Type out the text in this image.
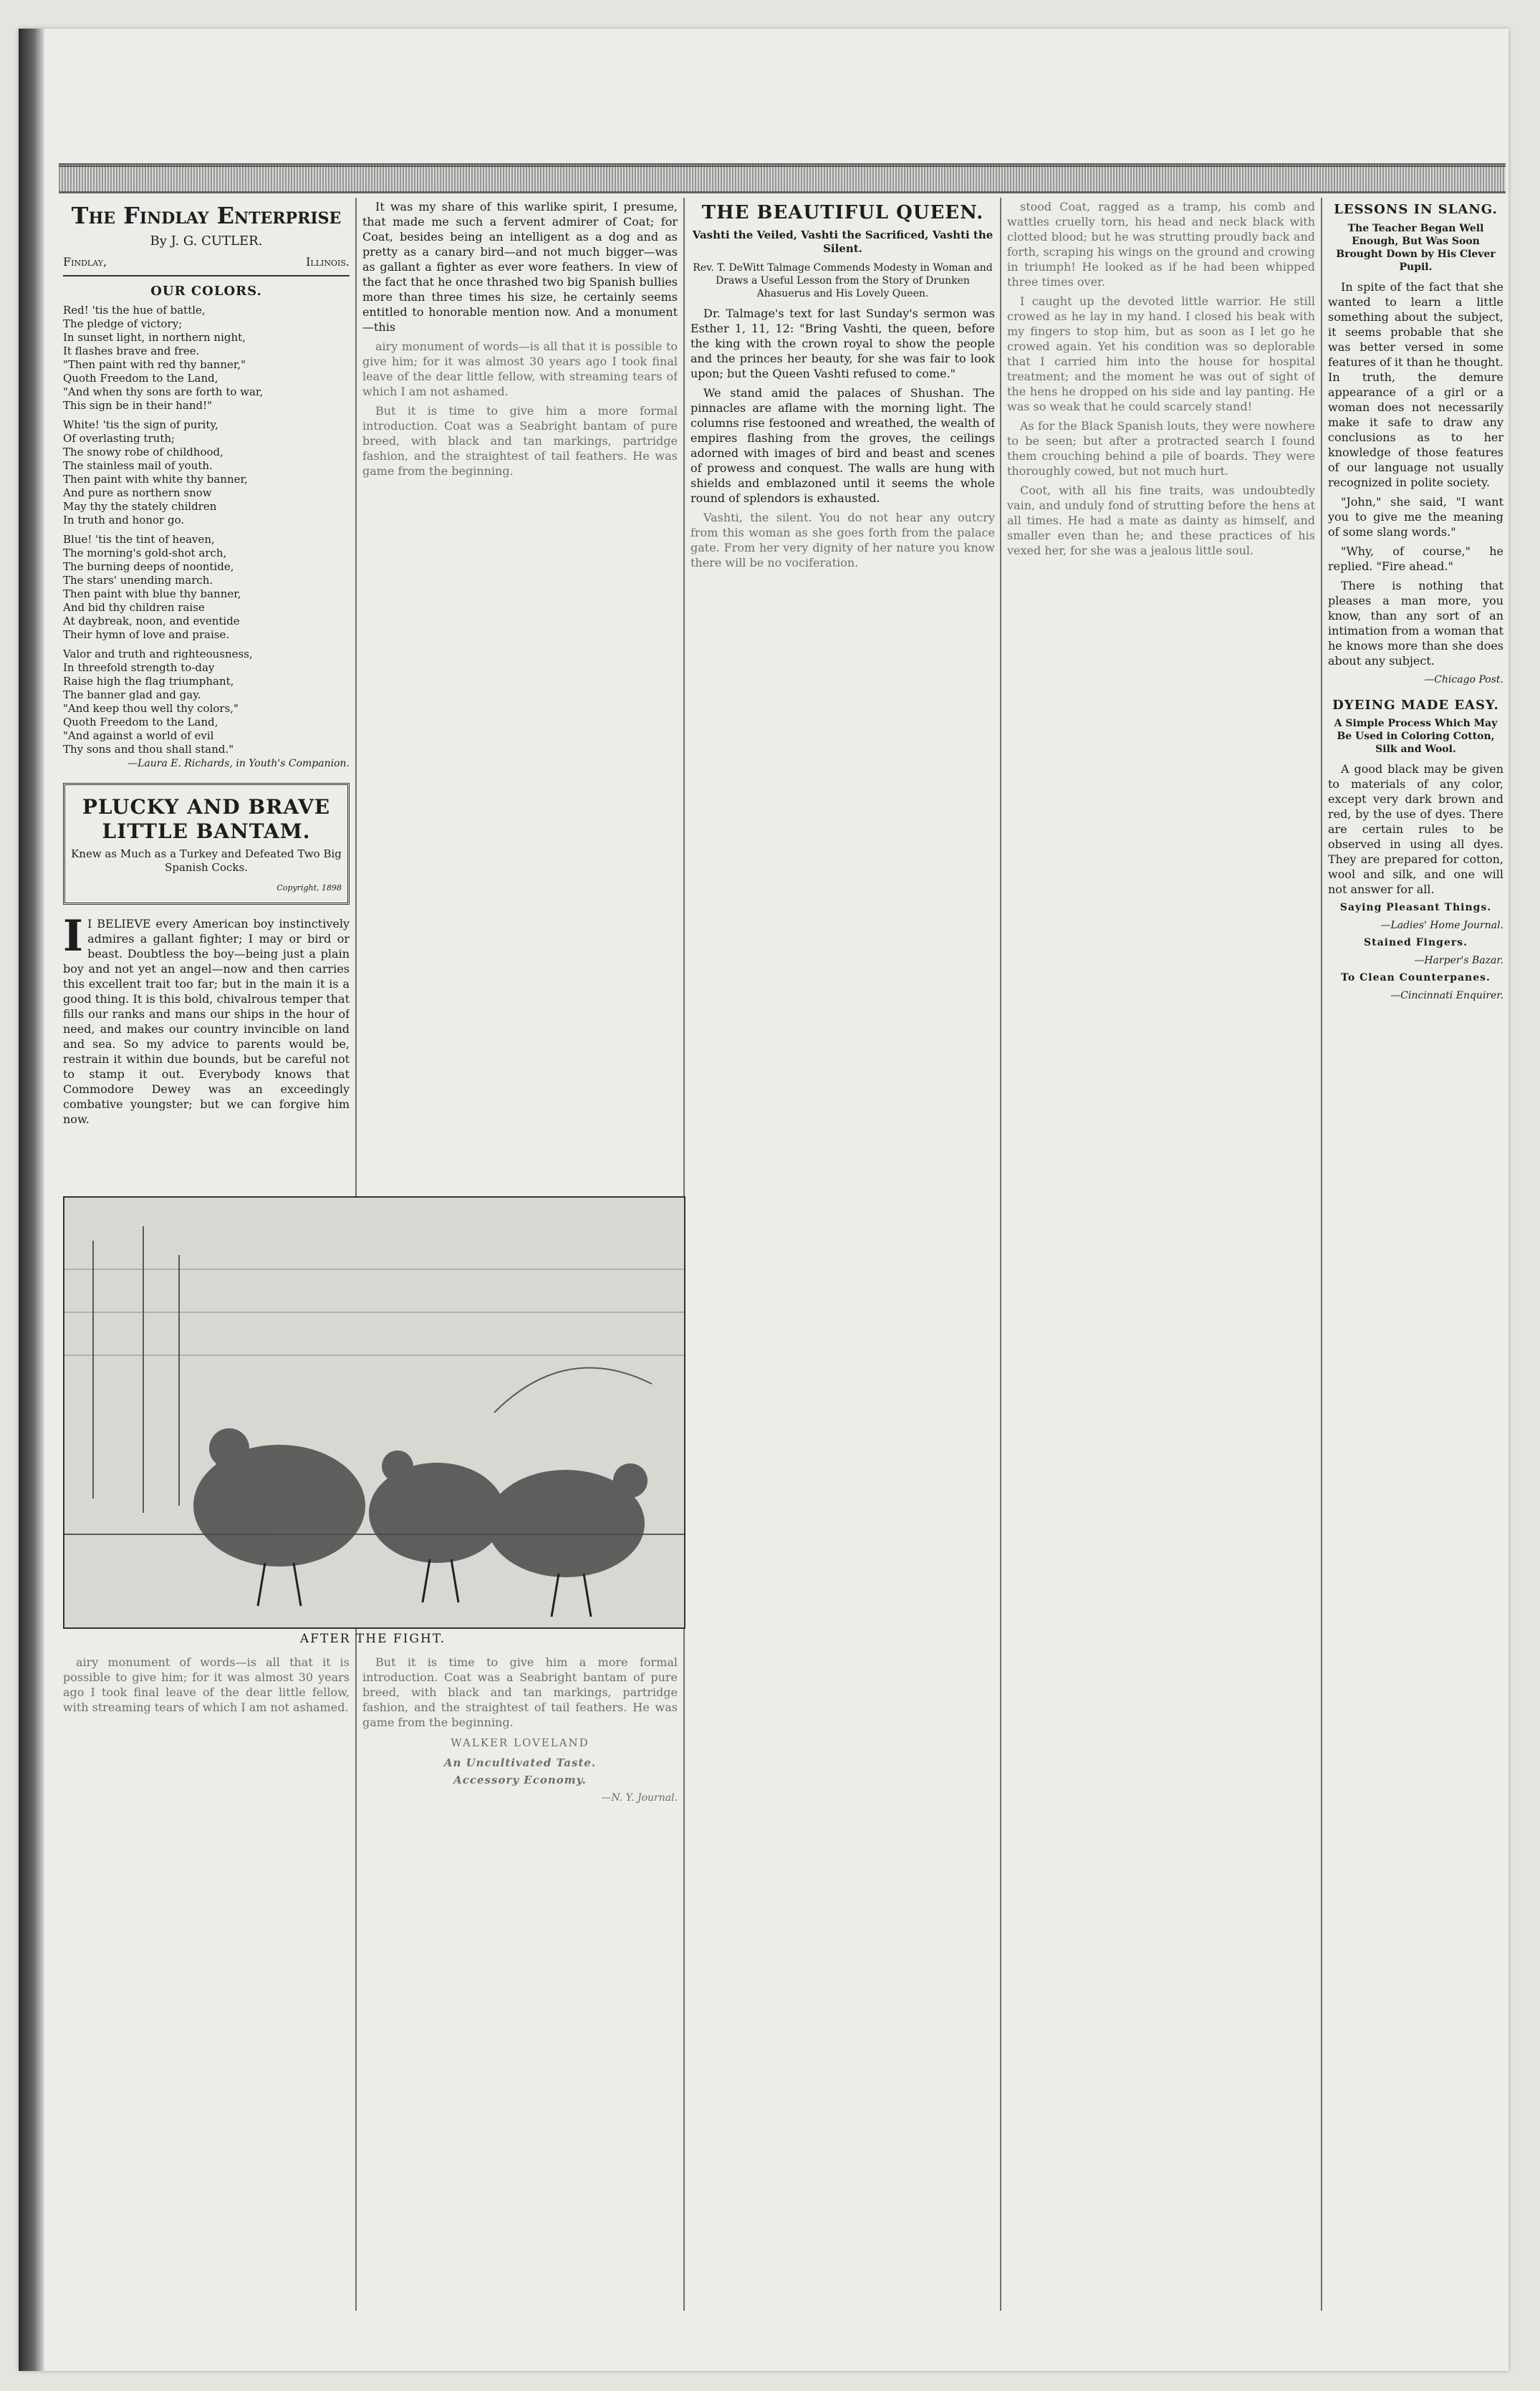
The Findlay Enterprise
By J. G. CUTLER.
Findlay,	Illinois.
OUR COLORS.

Red! 'tis the hue of battle,

The pledge of victory;

In sunset light, in northern night,

It flashes brave and free.

"Then paint with red thy banner,"

Quoth Freedom to the Land,

"And when thy sons are forth to war,

This sign be in their hand!"

White! 'tis the sign of purity,

Of overlasting truth;

The snowy robe of childhood,

The stainless mail of youth.

Then paint with white thy banner,

And pure as northern snow

May thy the stately children

In truth and honor go.

Blue! 'tis the tint of heaven,

The morning's gold-shot arch,

The burning deeps of noontide,

The stars' unending march.

Then paint with blue thy banner,

And bid thy children raise

At daybreak, noon, and eventide

Their hymn of love and praise.

Valor and truth and righteousness,

In threefold strength to-day

Raise high the flag triumphant,

The banner glad and gay.

"And keep thou well thy colors,"

Quoth Freedom to the Land,

"And against a world of evil

Thy sons and thou shall stand."

—Laura E. Richards, in Youth's Companion.
PLUCKY AND BRAVE LITTLE BANTAM.
Knew as Much as a Turkey and Defeated Two Big Spanish Cocks.
Copyright, 1898

I I BELIEVE every American boy instinctively admires a gallant fighter; I may or bird or beast. Doubtless the boy—being just a plain boy and not yet an angel—now and then carries this excellent trait too far; but in the main it is a good thing. It is this bold, chivalrous temper that fills our ranks and mans our ships in the hour of need, and makes our country invincible on land and sea. So my advice to parents would be, restrain it within due bounds, but be careful not to stamp it out. Everybody knows that Commodore Dewey was an exceedingly combative youngster; but we can forgive him now.

It was my share of this warlike spirit, I presume, that made me such a fervent admirer of Coat; for Coat, besides being an intelligent as a dog and as pretty as a canary bird—and not much bigger—was as gallant a fighter as ever wore feathers. In view of the fact that he once thrashed two big Spanish bullies more than three times his size, he certainly seems entitled to honorable mention now. And a monument—this

airy monument of words—is all that it is possible to give him; for it was almost 30 years ago I took final leave of the dear little fellow, with streaming tears of which I am not ashamed.

But it is time to give him a more formal introduction. Coat was a Seabright bantam of pure breed, with black and tan markings, partridge fashion, and the straightest of tail feathers. He was game from the beginning.

AFTER THE FIGHT.

airy monument of words—is all that it is possible to give him; for it was almost 30 years ago I took final leave of the dear little fellow, with streaming tears of which I am not ashamed.

But it is time to give him a more formal introduction. Coat was a Seabright bantam of pure breed, with black and tan markings, partridge fashion, and the straightest of tail feathers. He was game from the beginning.

WALKER LOVELAND
An Uncultivated Taste.
Accessory Economy.
—N. Y. Journal.
THE BEAUTIFUL QUEEN.
Vashti the Veiled, Vashti the Sacrificed, Vashti the Silent.
Rev. T. DeWitt Talmage Commends Modesty in Woman and Draws a Useful Lesson from the Story of Drunken Ahasuerus and His Lovely Queen.

Dr. Talmage's text for last Sunday's sermon was Esther 1, 11, 12: "Bring Vashti, the queen, before the king with the crown royal to show the people and the princes her beauty, for she was fair to look upon; but the Queen Vashti refused to come."

We stand amid the palaces of Shushan. The pinnacles are aflame with the morning light. The columns rise festooned and wreathed, the wealth of empires flashing from the groves, the ceilings adorned with images of bird and beast and scenes of prowess and conquest. The walls are hung with shields and emblazoned until it seems the whole round of splendors is exhausted.

Vashti, the silent. You do not hear any outcry from this woman as she goes forth from the palace gate. From her very dignity of her nature you know there will be no vociferation.

stood Coat, ragged as a tramp, his comb and wattles cruelly torn, his head and neck black with clotted blood; but he was strutting proudly back and forth, scraping his wings on the ground and crowing in triumph! He looked as if he had been whipped three times over.

I caught up the devoted little warrior. He still crowed as he lay in my hand. I closed his beak with my fingers to stop him, but as soon as I let go he crowed again. Yet his condition was so deplorable that I carried him into the house for hospital treatment; and the moment he was out of sight of the hens he dropped on his side and lay panting. He was so weak that he could scarcely stand!

As for the Black Spanish louts, they were nowhere to be seen; but after a protracted search I found them crouching behind a pile of boards. They were thoroughly cowed, but not much hurt.

Coot, with all his fine traits, was undoubtedly vain, and unduly fond of strutting before the hens at all times. He had a mate as dainty as himself, and smaller even than he; and these practices of his vexed her, for she was a jealous little soul.

LESSONS IN SLANG.
The Teacher Began Well Enough, But Was Soon Brought Down by His Clever Pupil.

In spite of the fact that she wanted to learn a little something about the subject, it seems probable that she was better versed in some features of it than he thought. In truth, the demure appearance of a girl or a woman does not necessarily make it safe to draw any conclusions as to her knowledge of those features of our language not usually recognized in polite society.

"John," she said, "I want you to give me the meaning of some slang words."

"Why, of course," he replied. "Fire ahead."

There is nothing that pleases a man more, you know, than any sort of an intimation from a woman that he knows more than she does about any subject.

—Chicago Post.
DYEING MADE EASY.
A Simple Process Which May Be Used in Coloring Cotton, Silk and Wool.

A good black may be given to materials of any color, except very dark brown and red, by the use of dyes. There are certain rules to be observed in using all dyes. They are prepared for cotton, wool and silk, and one will not answer for all.

Saying Pleasant Things.
—Ladies' Home Journal.
Stained Fingers.
—Harper's Bazar.
To Clean Counterpanes.
—Cincinnati Enquirer.
